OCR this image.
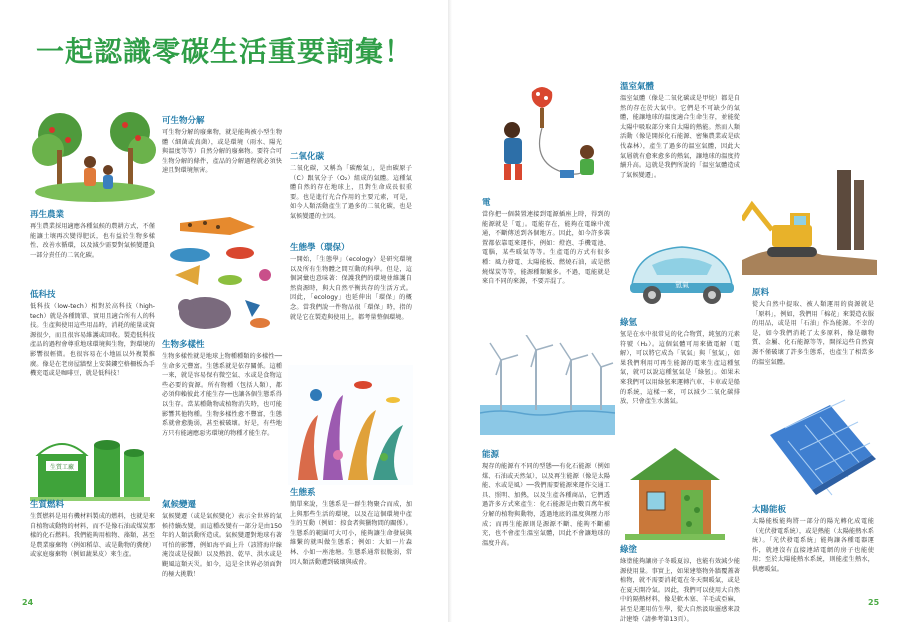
一起認識零碳生活重要詞彙！
生質工廠
氫氣
再生農業
再生農業採用適應各種氣候的農耕方式，不僅能讓土壤再次變得肥沃，也有益於生物多樣性、改善水循環，以及減少需要對氣候變遷負一部分責任的二氧化碳。
低科技
低科技（low-tech）相對於高科技（high-tech）就是各種簡單、實用且適合所有人的科技。生產與使用這些用品時，消耗的能量或資源很少，而且很容易維護或回收。製造低科技產品的過程會尊重地球環境與生物，對環境的影響很輕微。也很容易在小地區以外複製推廣。像是在老房屋牆壁上安裝鏤空格柵板為手機充電或是咖啡豆，就是低科技！
生質燃料
生質燃料是用有機材料製成的燃料，也就是來自植物或動物的材料，而不是像石油或煤炭那樣的化石燃料。我們能夠用植物、藻類，甚至是農業廢棄物（例如稻草、或是動物的糞便）或家庭廢棄物（例如蔬果皮）來生產。
可生物分解
可生物分解的廢棄物，就是能夠被小型生物體（細菌或真菌），或是環境（雨水、陽光與溫度等等）自然分解的廢棄物。要符合可生物分解的條件，產品的分解過程就必須快速且對環境無害。
生物多樣性
生物多樣性就是地球上物種種類的多樣性──生命多元豐富。生態系就是依存關係。這種一來，就是容易保有微空氣、水或是食物這些必要的資源。所有物種（包括人類），都必須仰賴彼此才能生存──也讓各個生態系得以生存。當某種動物或植物消失時，也可能影響其他物種。生物多樣性愈不豐富，生態系就會愈脆弱，甚至被破壞。好是，有些地方只有能適應惡劣環境的物種才能生存。
氣候變遷
氣候變遷（或是氣候變化）表示全世界的氣候持續改變，而這種改變有一部分是由150年的人類活動所造成。氣候變遷對地球有著可怕的影響，例如海平面上升（該將海岸線淹沒或是侵蝕）以及熱浪、乾旱、洪水或是颶風這類天災。如今，這是全世界必須面對的極大挑戰！
二氧化碳
二氧化碳，又稱為「碳酸氣」，是由碳原子（C）跟氧分子（O₂）組成的氣體。這種氣體自然的存在地球上，且對生命成長很重要。也是進行光合作用的主要元素，可是，如今人類活動產生了過多的二氧化碳，也是氣候變遷的主因。
生態學（環保）
一開始，「生態學」（ecology）是研究環境以及所有生物體之間互動的科學。但是，這個詞彙也意味著：保護我們的環境並維護自然資源時，與大自然平衡共存的生活方式。因此，「ecology」也延伸出「環保」的概念。當我們說一件物品很「環保」時，指的就是它在製造與使用上，都考量整個環境。
生態系
簡單來說，生態系是一群生物聚合而成，加上與那些生活的環境，以及在這個環境中產生的互動（例如：掠食者與獵物間的關係）。生態系的範圍可大可小，能夠讓生命發展與維繫的就叫做生態系；例如：大如一片森林、小如一座池塘。生態系通常很脆弱，常因人類活動遭到破壞與威脅。
電
當你把一個裝置連接到電源插座上時，得到的能源就是「電」。電能存在，能夠在電線中流通，不斷傳送到各個地方。因此，如今許多裝置都依靠電來運作，例如：燈泡、手機電池、電腦，某些暖氣等等。生產電的方式有很多種：風力發電、太陽能板、燃燒石油，或是燃燒煤炭等等，能源種類繁多。不過，電能就是來自不同的來源，不要弄混了。
能源
現存的能源有不同的型態──有化石能源（例如煤、石油或天然氣），以及再生能源（像是太陽能、水或是風）──我們需要能源來運作交通工具、照明、加熱，以及生產各種商品，它們透過許多方式來產生：化石能源是由數百萬年被分解的植物與動物，透過地底的溫度與壓力形成；而再生能源則是源源不斷、能夠不斷補充，也不會產生溫室氣體，因此不會讓地球的溫度升高。
溫室氣體
溫室氣體（像是二氧化碳或是甲烷）都是自然的存在於大氣中。它們是不可缺少的氣體，能讓地球的溫度適合生命生存，並能從太陽中吸取部分來自太陽的熱能。然而人類活動（像是開採化石能源、密集農業或是砍伐森林），產生了過多的溫室氣體，因此大氣層就有愈來愈多的熱氣，讓地球的溫度持續升高。這就是我們所說的「溫室氣體造成了氣候變遷」。
綠氫
氫是在水中很常見的化合物質，純氫的元素符號（H₂）。這個氣體可用來做電解（電解），可以將它成為「氧氣」與「氫氣」，如果我們利用可再生能源的電來生產這種氫氣，就可以說這種氫氣是「綠氫」。如果未來我們可以用綠氫來運轉汽車、卡車或是船的系統，這樣一來，可以減少二氧化碳排放，只會產生水蒸氣。
綠塗
綠塗能夠讓房子冬暖夏涼，也能有效減少能源使用量。事實上，如果建築物外牆覆蓋著植物，就不需要消耗電在冬天開暖氣，或是在夏天開冷氣。因此，我們可以使用大自然中的隔熱材料，像是軟木塞、羊毛或亞麻，甚至是運用仿生學，從大自然汲取靈感來設計建築（請參考第13頁）。
原料
從大自然中提取、被人類運用的資源就是「原料」，例如，我們用「棉花」來製造衣服的用品，或是用「石油」作為能源。不幸的是，如今我們消耗了太多原料，像是礦物質、金屬、化石能源等等，開採這些自然資源不僅破壞了許多生態系，也產生了相當多的溫室氣體。
太陽能板
太陽能板能夠將一部分的陽光轉化成電能（光伏發電系統），或是熱能（太陽能熱水系統）。「光伏發電系統」能夠讓各種電器運作，就連沒有直接連結電網的房子也能使用；至於太陽能熱水系統，則能產生熱水，供應暖氣。
24	25
